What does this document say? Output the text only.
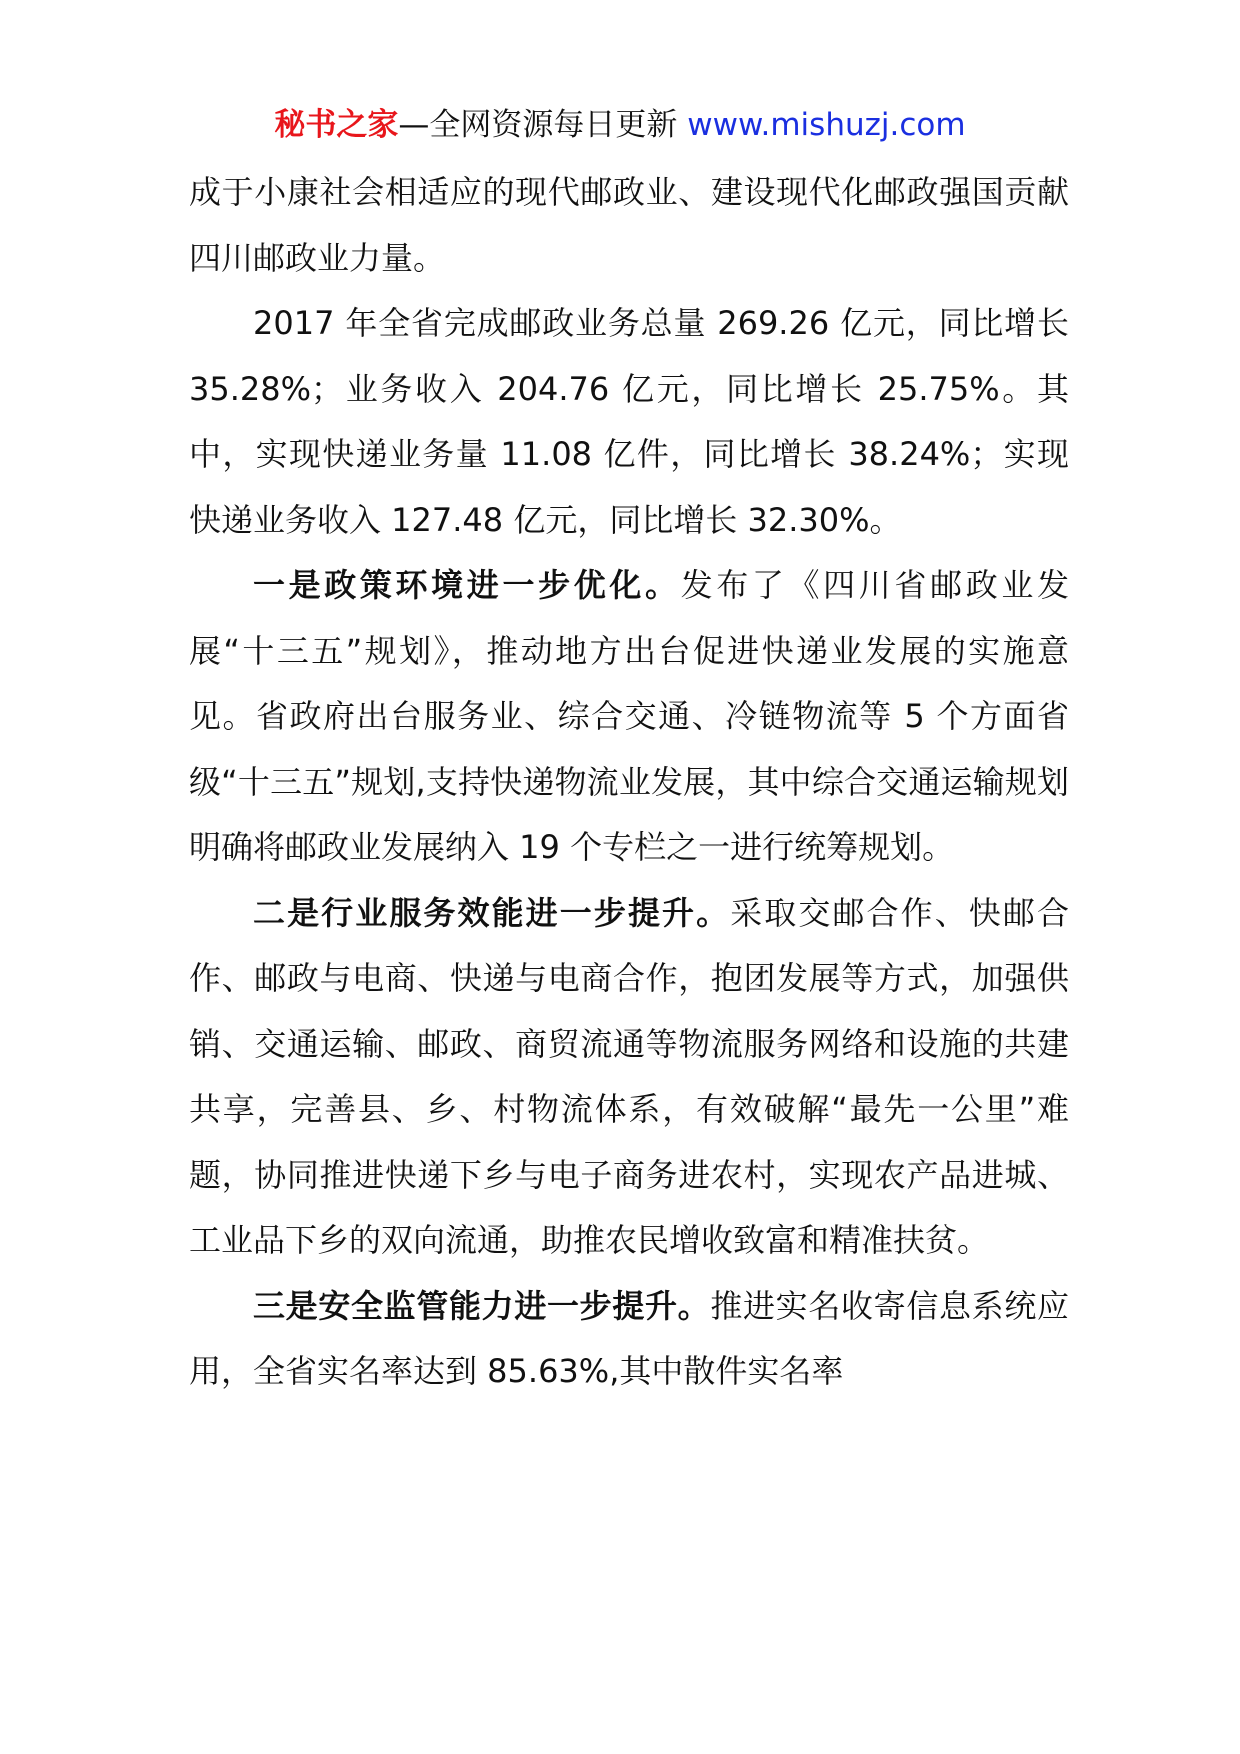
秘书之家—全网资源每日更新 www.mishuzj.com

成于小康社会相适应的现代邮政业、建设现代化邮政强国贡献四川邮政业力量。

2017 年全省完成邮政业务总量 269.26 亿元，同比增长 35.28%；业务收入 204.76 亿元，同比增长 25.75%。其中，实现快递业务量 11.08 亿件，同比增长 38.24%；实现快递业务收入 127.48 亿元，同比增长 32.30%。

一是政策环境进一步优化。发布了《四川省邮政业发展“十三五”规划》，推动地方出台促进快递业发展的实施意见。省政府出台服务业、综合交通、冷链物流等 5 个方面省级“十三五”规划,支持快递物流业发展，其中综合交通运输规划明确将邮政业发展纳入 19 个专栏之一进行统筹规划。

二是行业服务效能进一步提升。采取交邮合作、快邮合作、邮政与电商、快递与电商合作，抱团发展等方式，加强供销、交通运输、邮政、商贸流通等物流服务网络和设施的共建共享，完善县、乡、村物流体系，有效破解“最先一公里”难题，协同推进快递下乡与电子商务进农村，实现农产品进城、工业品下乡的双向流通，助推农民增收致富和精准扶贫。

三是安全监管能力进一步提升。推进实名收寄信息系统应用，全省实名率达到 85.63%,其中散件实名率
